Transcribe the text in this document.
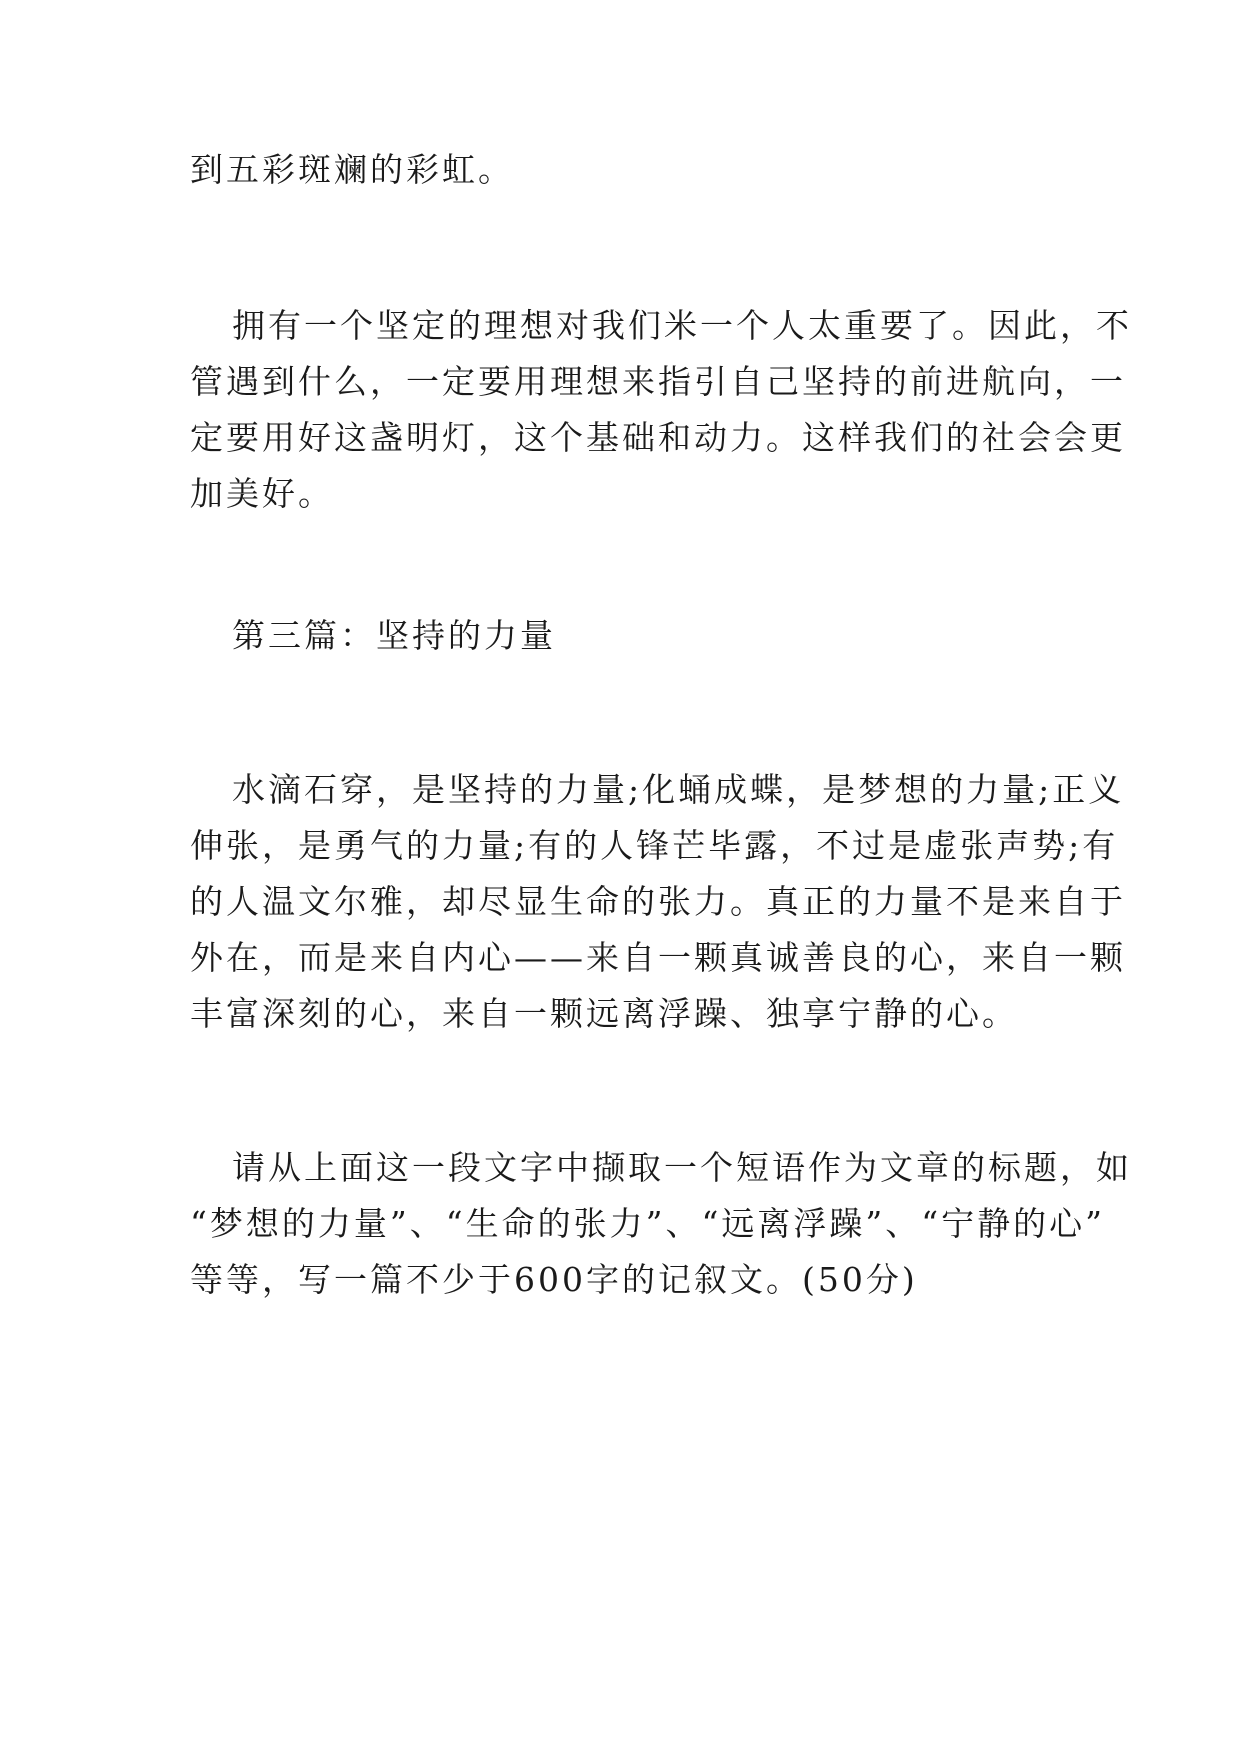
到五彩斑斓的彩虹。
拥有一个坚定的理想对我们米一个人太重要了。因此，不
管遇到什么，一定要用理想来指引自己坚持的前进航向，一
定要用好这盏明灯，这个基础和动力。这样我们的社会会更
加美好。
第三篇：坚持的力量
水滴石穿，是坚持的力量;化蛹成蝶，是梦想的力量;正义
伸张，是勇气的力量;有的人锋芒毕露，不过是虚张声势;有
的人温文尔雅，却尽显生命的张力。真正的力量不是来自于
外在，而是来自内心——来自一颗真诚善良的心，来自一颗
丰富深刻的心，来自一颗远离浮躁、独享宁静的心。
请从上面这一段文字中撷取一个短语作为文章的标题，如
“梦想的力量”、“生命的张力”、“远离浮躁”、“宁静的心”
等等，写一篇不少于600字的记叙文。(50分)
